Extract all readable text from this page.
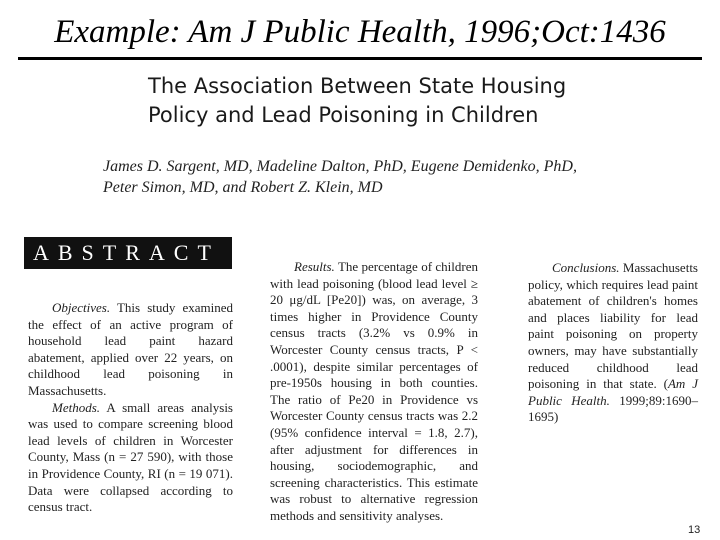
Example: Am J Public Health, 1996;Oct:1436
The Association Between State Housing
Policy and Lead Poisoning in Children
James D. Sargent, MD, Madeline Dalton, PhD, Eugene Demidenko, PhD,
Peter Simon, MD, and Robert Z. Klein, MD
ABSTRACT

Objectives. This study examined the effect of an active program of household lead paint hazard abatement, applied over 22 years, on childhood lead poisoning in Massachusetts.

Methods. A small areas analysis was used to compare screening blood lead levels of children in Worcester County, Mass (n = 27 590), with those in Providence County, RI (n = 19 071). Data were collapsed according to census tract.

Results. The percentage of children with lead poisoning (blood lead level ≥ 20 μg/dL [Pe20]) was, on average, 3 times higher in Providence County census tracts (3.2% vs 0.9% in Worcester County census tracts, P < .0001), despite similar percentages of pre-1950s housing in both counties. The ratio of Pe20 in Providence vs Worcester County census tracts was 2.2 (95% confidence interval = 1.8, 2.7), after adjustment for differences in housing, sociodemographic, and screening characteristics. This estimate was robust to alternative regression methods and sensitivity analyses.

Conclusions. Massachusetts policy, which requires lead paint abatement of children's homes and places liability for lead paint poisoning on property owners, may have substantially reduced childhood lead poisoning in that state. (Am J Public Health. 1999;89:1690–1695)

13
